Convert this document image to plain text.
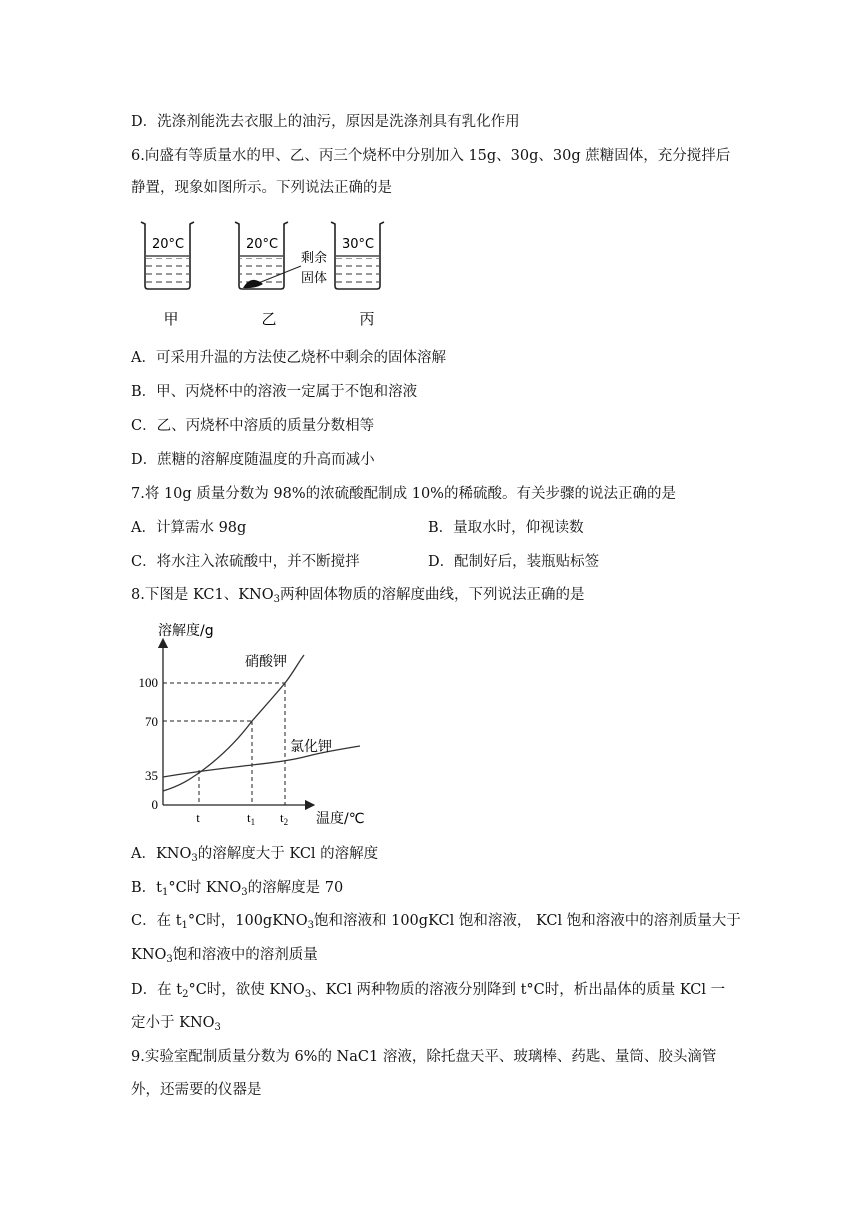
D．洗涤剂能洗去衣服上的油污，原因是洗涤剂具有乳化作用
6.向盛有等质量水的甲、乙、丙三个烧杯中分别加入 15g、30g、30g 蔗糖固体，充分搅拌后
静置，现象如图所示。下列说法正确的是
20°C	20°C
剩余
固体
30°C
甲	乙	丙
A．可采用升温的方法使乙烧杯中剩余的固体溶解
B．甲、丙烧杯中的溶液一定属于不饱和溶液
C．乙、丙烧杯中溶质的质量分数相等
D．蔗糖的溶解度随温度的升高而减小
7.将 10g 质量分数为 98%的浓硫酸配制成 10%的稀硫酸。有关步骤的说法正确的是
A．计算需水 98g	B．量取水时，仰视读数
C．将水注入浓硫酸中，并不断搅拌	D．配制好后，装瓶贴标签
8.下图是 KC1、$KNO_3$两种固体物质的溶解度曲线，下列说法正确的是
溶解度/g
温度/℃
100
70
35
0
t	$t_1$ $t_2$
硝酸钾
氯化钾
A．$KNO_3$的溶解度大于 KCl 的溶解度
B．$t_1^\circ C$时 $KNO_3$的溶解度是 70
C．在 $t_1^\circ C$时，100gKNO$_3$饱和溶液和 100gKCl 饱和溶液， KCl 饱和溶液中的溶剂质量大于
$KNO_3$饱和溶液中的溶剂质量
D．在 $t_2^\circ C$时，欲使 $KNO_3$、KCl 两种物质的溶液分别降到 t°C时，析出晶体的质量 KCl 一
定小于 $KNO_3$
9.实验室配制质量分数为 6%的 NaC1 溶液，除托盘天平、玻璃棒、药匙、量筒、胶头滴管
外，还需要的仪器是
